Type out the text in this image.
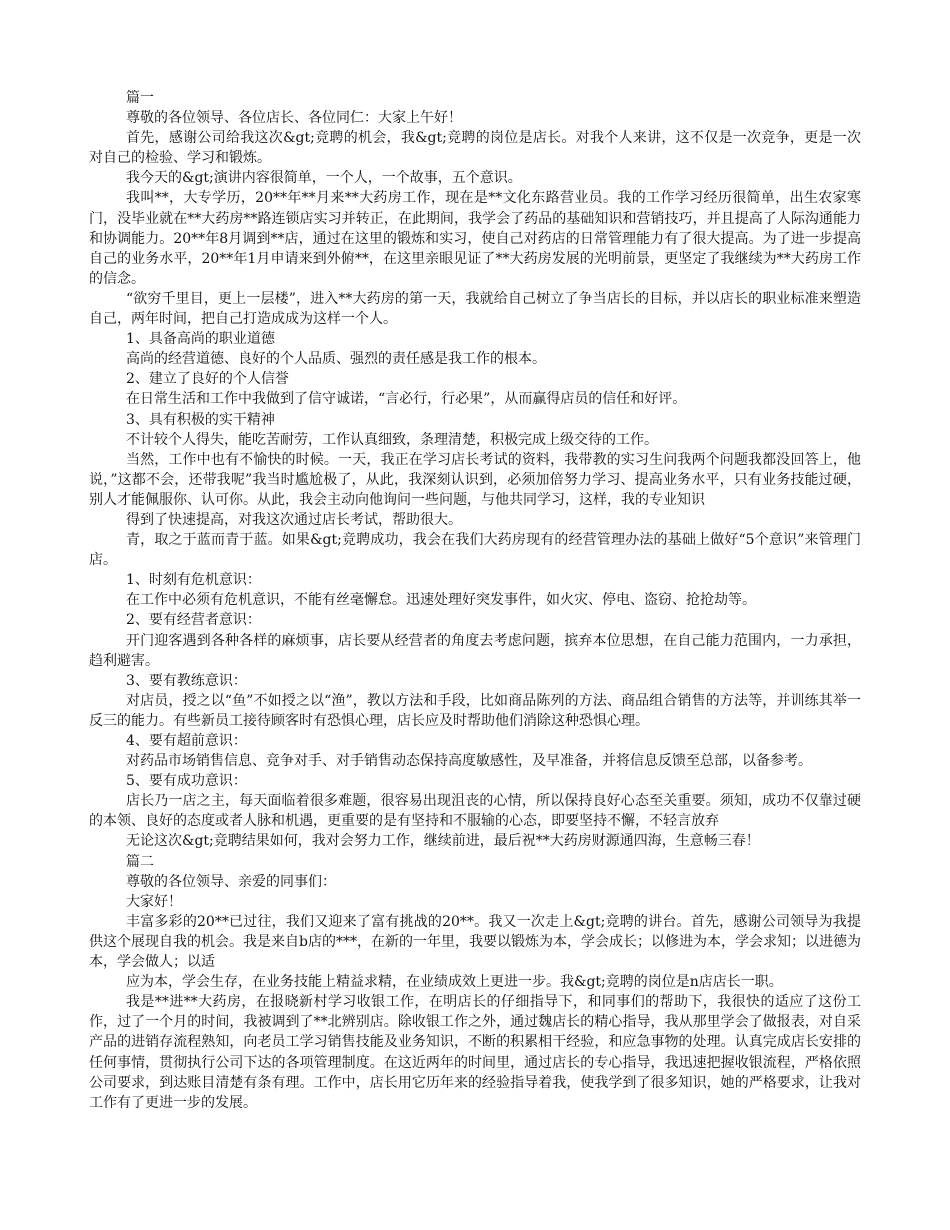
篇一

尊敬的各位领导、各位店长、各位同仁：大家上午好！

首先，感谢公司给我这次&gt;竞聘的机会，我&gt;竞聘的岗位是店长。对我个人来讲，这不仅是一次竞争，更是一次对自己的检验、学习和锻炼。

我今天的&gt;演讲内容很简单，一个人，一个故事，五个意识。

我叫**，大专学历，20**年**月来**大药房工作，现在是**文化东路营业员。我的工作学习经历很简单，出生农家寒门，没毕业就在**大药房**路连锁店实习并转正，在此期间，我学会了药品的基础知识和营销技巧，并且提高了人际沟通能力和协调能力。20**年8月调到**店，通过在这里的锻炼和实习，使自己对药店的日常管理能力有了很大提高。为了进一步提高自己的业务水平，20**年1月申请来到外俯**，在这里亲眼见证了**大药房发展的光明前景，更坚定了我继续为**大药房工作的信念。

“欲穷千里目，更上一层楼”，进入**大药房的第一天，我就给自己树立了争当店长的目标，并以店长的职业标准来塑造自己，两年时间，把自己打造成成为这样一个人。

1、具备高尚的职业道德

高尚的经营道德、良好的个人品质、强烈的责任感是我工作的根本。

2、建立了良好的个人信誉

在日常生活和工作中我做到了信守诚诺，“言必行，行必果”，从而赢得店员的信任和好评。

3、具有积极的实干精神

不计较个人得失，能吃苦耐劳，工作认真细致，条理清楚，积极完成上级交待的工作。

当然，工作中也有不愉快的时候。一天，我正在学习店长考试的资料，我带教的实习生问我两个问题我都没回答上，他说，”这都不会，还带我呢”我当时尴尬极了，从此，我深刻认识到，必须加倍努力学习、提高业务水平，只有业务技能过硬，别人才能佩服你、认可你。从此，我会主动向他询问一些问题，与他共同学习，这样，我的专业知识

得到了快速提高，对我这次通过店长考试，帮助很大。

青，取之于蓝而青于蓝。如果&gt;竞聘成功，我会在我们大药房现有的经营管理办法的基础上做好“5个意识”来管理门店。

1、时刻有危机意识：

在工作中必须有危机意识，不能有丝毫懈怠。迅速处理好突发事件，如火灾、停电、盗窃、抢抢劫等。

2、要有经营者意识：

开门迎客遇到各种各样的麻烦事，店长要从经营者的角度去考虑问题，摈弃本位思想，在自己能力范围内，一力承担，趋利避害。

3、要有教练意识：

对店员，授之以“鱼”不如授之以“渔”，教以方法和手段，比如商品陈列的方法、商品组合销售的方法等，并训练其举一反三的能力。有些新员工接待顾客时有恐惧心理，店长应及时帮助他们消除这种恐惧心理。

4、要有超前意识：

对药品市场销售信息、竞争对手、对手销售动态保持高度敏感性，及早准备，并将信息反馈至总部，以备参考。

5、要有成功意识：

店长乃一店之主，每天面临着很多难题，很容易出现沮丧的心情，所以保持良好心态至关重要。须知，成功不仅靠过硬的本领、良好的态度或者人脉和机遇，更重要的是有坚持和不服输的心态，即要坚持不懈，不轻言放弃

无论这次&gt;竞聘结果如何，我对会努力工作，继续前进，最后祝**大药房财源通四海，生意畅三春！

篇二

尊敬的各位领导、亲爱的同事们：

大家好！

丰富多彩的20**已过往，我们又迎来了富有挑战的20**。我又一次走上&gt;竞聘的讲台。首先，感谢公司领导为我提供这个展现自我的机会。我是来自b店的***，在新的一年里，我要以锻炼为本，学会成长；以修进为本，学会求知；以进德为本，学会做人；以适

应为本，学会生存，在业务技能上精益求精，在业绩成效上更进一步。我&gt;竞聘的岗位是n店店长一职。

我是**进**大药房，在报晓新村学习收银工作，在明店长的仔细指导下，和同事们的帮助下，我很快的适应了这份工作，过了一个月的时间，我被调到了**北辨别店。除收银工作之外，通过魏店长的精心指导，我从那里学会了做报表，对自采产品的进销存流程熟知，向老员工学习销售技能及业务知识，不断的积累相干经验，和应急事物的处理。认真完成店长安排的任何事情，贯彻执行公司下达的各项管理制度。在这近两年的时间里，通过店长的专心指导，我迅速把握收银流程，严格依照公司要求，到达账目清楚有条有理。工作中，店长用它历年来的经验指导着我，使我学到了很多知识，她的严格要求，让我对工作有了更进一步的发展。
